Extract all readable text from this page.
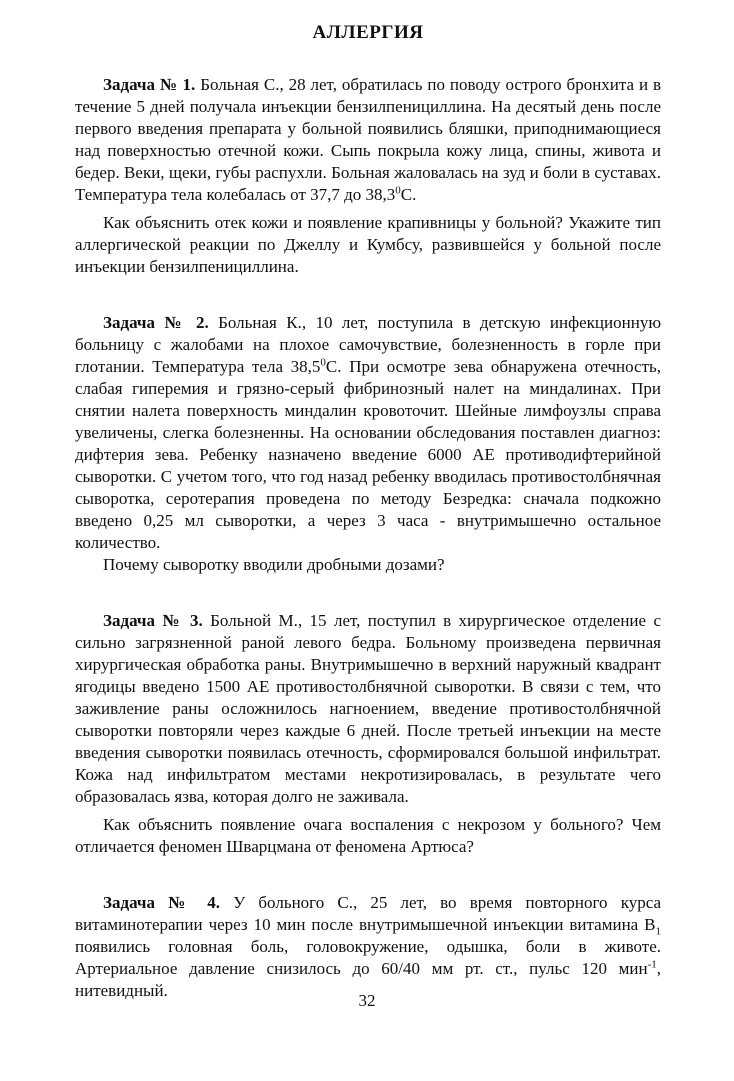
АЛЛЕРГИЯ

Задача № 1. Больная С., 28 лет, обратилась по поводу острого бронхита и в течение 5 дней получала инъекции бензилпенициллина. На десятый день после первого введения препарата у больной появились бляшки, приподнимающиеся над поверхностью отечной кожи. Сыпь покрыла кожу лица, спины, живота и бедер. Веки, щеки, губы распухли. Больная жаловалась на зуд и боли в суставах. Температура тела колебалась от 37,7 до 38,3$^0$С.

Как объяснить отек кожи и появление крапивницы у больной? Укажите тип аллергической реакции по Джеллу и Кумбсу, развившейся у больной после инъекции бензилпенициллина.

Задача № 2. Больная К., 10 лет, поступила в детскую инфекционную больницу с жалобами на плохое самочувствие, болезненность в горле при глотании. Температура тела 38,5$^0$С. При осмотре зева обнаружена отечность, слабая гиперемия и грязно-серый фибринозный налет на миндалинах. При снятии налета поверхность миндалин кровоточит. Шейные лимфоузлы справа увеличены, слегка болезненны. На основании обследования поставлен диагноз: дифтерия зева. Ребенку назначено введение 6000 АЕ противодифтерийной сыворотки. С учетом того, что год назад ребенку вводилась противостолбнячная сыворотка, серотерапия проведена по методу Безредка: сначала подкожно введено 0,25 мл сыворотки, а через 3 часа - внутримышечно остальное количество.

Почему сыворотку вводили дробными дозами?

Задача № 3. Больной М., 15 лет, поступил в хирургическое отделение с сильно загрязненной раной левого бедра. Больному произведена первичная хирургическая обработка раны. Внутримышечно в верхний наружный квадрант ягодицы введено 1500 АЕ противостолбнячной сыворотки. В связи с тем, что заживление раны осложнилось нагноением, введение противостолбнячной сыворотки повторяли через каждые 6 дней. После третьей инъекции на месте введения сыворотки появилась отечность, сформировался большой инфильтрат. Кожа над инфильтратом местами некротизировалась, в результате чего образовалась язва, которая долго не заживала.

Как объяснить появление очага воспаления с некрозом у больного? Чем отличается феномен Шварцмана от феномена Артюса?

Задача № 4. У больного С., 25 лет, во время повторного курса витаминотерапии через 10 мин после внутримышечной инъекции витамина $В_1$ появились головная боль, головокружение, одышка, боли в животе. Артериальное давление снизилось до 60/40 мм рт. ст., пульс 120 мин$^{-1}$, нитевидный.

32
